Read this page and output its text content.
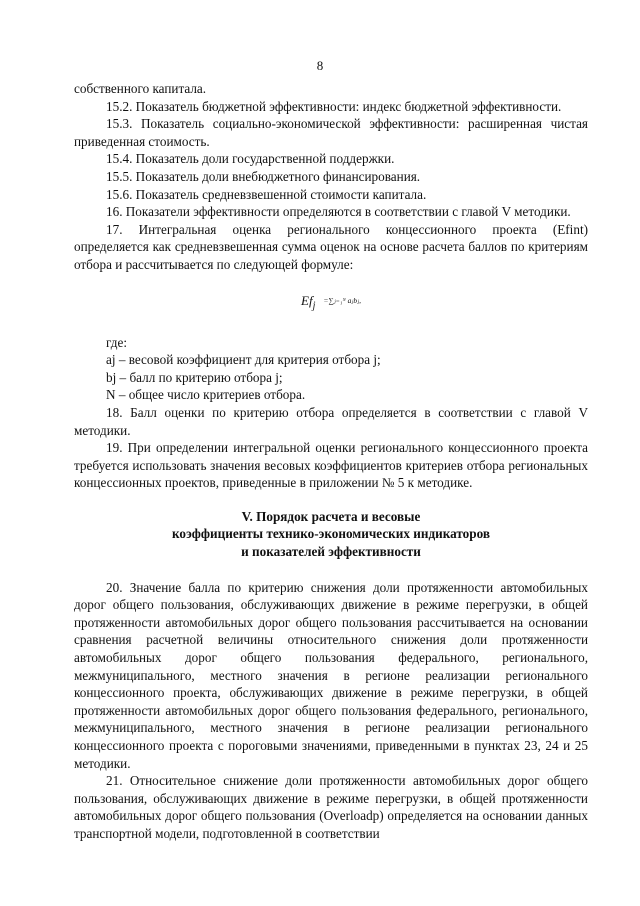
8

собственного капитала.

15.2. Показатель бюджетной эффективности: индекс бюджетной эффективности.

15.3. Показатель социально-экономической эффективности: расширенная чистая приведенная стоимость.

15.4. Показатель доли государственной поддержки.

15.5. Показатель доли внебюджетного финансирования.

15.6. Показатель средневзвешенной стоимости капитала.

16. Показатели эффективности определяются в соответствии с главой V методики.

17. Интегральная оценка регионального концессионного проекта (Efint) определяется как средневзвешенная сумма оценок на основе расчета баллов по критериям отбора и рассчитывается по следующей формуле:

$Ef_j$ =∑ⱼ₌₁ᴺ aⱼbⱼ,

где:

aj – весовой коэффициент для критерия отбора j;

bj – балл по критерию отбора j;

N – общее число критериев отбора.

18. Балл оценки по критерию отбора определяется в соответствии с главой V методики.

19. При определении интегральной оценки регионального концессионного проекта требуется использовать значения весовых коэффициентов критериев отбора региональных концессионных проектов, приведенные в приложении № 5 к методике.

V. Порядок расчета и весовые
коэффициенты технико-экономических индикаторов
и показателей эффективности

20. Значение балла по критерию снижения доли протяженности автомобильных дорог общего пользования, обслуживающих движение в режиме перегрузки, в общей протяженности автомобильных дорог общего пользования рассчитывается на основании сравнения расчетной величины относительного снижения доли протяженности автомобильных дорог общего пользования федерального, регионального, межмуниципального, местного значения в регионе реализации регионального концессионного проекта, обслуживающих движение в режиме перегрузки, в общей протяженности автомобильных дорог общего пользования федерального, регионального, межмуниципального, местного значения в регионе реализации регионального концессионного проекта с пороговыми значениями, приведенными в пунктах 23, 24 и 25 методики.

21. Относительное снижение доли протяженности автомобильных дорог общего пользования, обслуживающих движение в режиме перегрузки, в общей протяженности автомобильных дорог общего пользования (Overloadр) определяется на основании данных транспортной модели, подготовленной в соответствии
